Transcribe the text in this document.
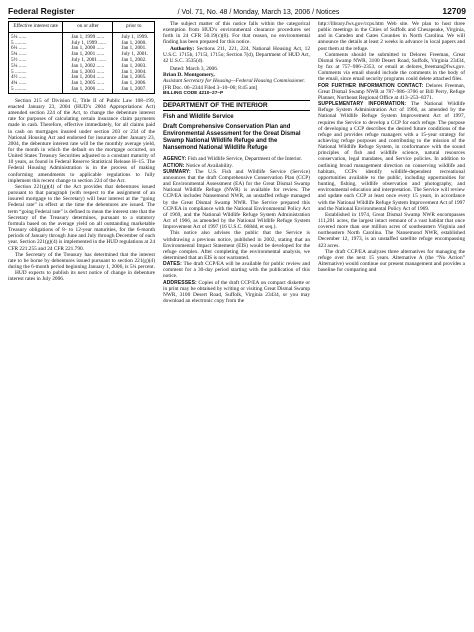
Federal Register	/ Vol. 71, No. 48 / Monday, March 13, 2006 / Notices	12709
Effective interest rate	on or after	prior to
5¼ ......	Jan 1, 1999 ......	July 1, 1999.
5 .........	July 1, 1999 ......	Jan 1, 2000.
6¼ ......	Jan 1, 2000 ......	Jan 1, 2001.
5¾ ......	Jan 1, 2001 ......	July 1, 2001.
5½ ......	July 1, 2001 ......	Jan 1, 2002.
5¼ ......	Jan 1, 2002 ......	Jan 1, 2003.
5 .........	Jan 1, 2003 ......	Jan 1, 2004.
4½ ......	Jan 1, 2004 ......	Jan 1, 2005.
4¾ ......	Jan 1, 2005 ......	Jan 1, 2006.
5 .........	Jan 1, 2006 ......	Jan 1, 2007.

Section 215 of Division G, Title II of Public Law 108–199, enacted January 23, 2004 (HUD’s 2004 Appropriations Act) amended section 224 of the Act, to change the debenture interest rate for purposes of calculating certain insurance claim payments made in cash. Therefore, effective immediately, for all claims paid in cash on mortgages insured under section 203 or 234 of the National Housing Act and endorsed for insurance after January 23, 2004, the debenture interest rate will be the monthly average yield, for the month in which the default on the mortgage occurred, on United States Treasury Securities adjusted to a constant maturity of 10 years, as found in Federal Reserve Statistical Release H–15. The Federal Housing Administration is in the process of making conforming amendments to applicable regulations to fully implement this recent change to section 224 of the Act.

Section 221(g)(4) of the Act provides that debentures issued pursuant to that paragraph (with respect to the assignment of an insured mortgage to the Secretary) will bear interest at the “going Federal rate” in effect at the time the debentures are issued. The term “going Federal rate” is defined to mean the interest rate that the Secretary of the Treasury determines, pursuant to a statutory formula based on the average yield on all outstanding marketable Treasury obligations of 8- to 12-year maturities, for the 6-month periods of January through June and July through December of each year. Section 221(g)(4) is implemented in the HUD regulations at 24 CFR 221.255 and 24 CFR 221.790.

The Secretary of the Treasury has determined that the interest rate to be borne by debentures issued pursuant to section 221(g)(4) during the 6-month period beginning January 1, 2006, is 5¼ percent.

HUD expects to publish its next notice of change in debenture interest rates in July 2006.

The subject matter of this notice falls within the categorical exemption from HUD’s environmental clearance procedures set forth in 24 CFR 50.19(c)(6). For that reason, no environmental finding has been prepared for this notice.

Authority: Sections 211, 221, 224, National Housing Act, 12 U.S.C. 1715b, 1715l, 1715o; Section 7(d), Department of HUD Act, 42 U.S.C. 3535(d).

Dated: March 3, 2006.

Brian D. Montgomery,

Assistant Secretary for Housing—Federal Housing Commissioner.

[FR Doc. 06–2344 Filed 3–10–06; 8:45 am]

BILLING CODE 4210–27–P

DEPARTMENT OF THE INTERIOR
Fish and Wildlife Service
Draft Comprehensive Conservation Plan and Environmental Assessment for the Great Dismal Swamp National Wildlife Refuge and the Nansemond National Wildlife Refuge

AGENCY: Fish and Wildlife Service, Department of the Interior.

ACTION: Notice of Availability.

SUMMARY: The U.S. Fish and Wildlife Service (Service) announces that the draft Comprehensive Conservation Plan (CCP) and Environmental Assessment (EA) for the Great Dismal Swamp National Wildlife Refuge (NWR) is available for review. The CCP/EA includes Nansemond NWR, an unstaffed refuge managed by the Great Dismal Swamp NWR. The Service prepared this CCP/EA in compliance with the National Environmental Policy Act of 1969, and the National Wildlife Refuge System Administration Act of 1966, as amended by the National Wildlife Refuge System Improvement Act of 1997 (16 U.S.C. 668dd, et seq.).

This notice also advises the public that the Service is withdrawing a previous notice, published in 2002, stating that an Environmental Impact Statement (EIS) would be developed for the refuge complex. After completing the environmental analysis, we determined that an EIS is not warranted.

DATES: The draft CCP/EA will be available for public review and comment for a 30-day period starting with the publication of this notice.

ADDRESSES: Copies of the draft CCP/EA on compact diskette or in print may be obtained by writing or visiting Great Dismal Swamp NWR, 3100 Desert Road, Suffolk, Virginia 23434, or you may download an electronic copy from the

http://library.fws.gov/ccps.htm Web site. We plan to host three public meetings in the Cities of Suffolk and Chesapeake, Virginia, and in Camden and Gates Counties in North Carolina. We will announce the details at least 2 weeks in advance in local papers and post them at the refuge.

Comments should be submitted to Delores Freeman, Great Dismal Swamp NWR, 3100 Desert Road, Suffolk, Virginia 23434, by fax at 757–986–2353, or email at delores_freeman@fws.gov. Comments via email should include the comments in the body of the email, since email security programs could delete attached files.

FOR FURTHER INFORMATION CONTACT: Delores Freeman, Great Dismal Swamp NWR at 787–986–3706 or Bill Perry, Refuge Planner, Northeast Regional Office at 413–253–8371.

SUPPLEMENTARY INFORMATION: The National Wildlife Refuge System Administration Act of 1966, as amended by the National Wildlife Refuge System Improvement Act of 1997, requires the Service to develop a CCP for each refuge. The purpose of developing a CCP describes the desired future conditions of the refuge and provides refuge managers with a 15-year strategy for achieving refuge purposes and contributing to the mission of the National Wildlife Refuge System, in conformance with the sound principles of fish and wildlife science, natural resources conservation, legal mandates, and Service policies. In addition to outlining broad management direction on conserving wildlife and habitats, CCPs identify wildlife-dependent recreational opportunities available to the public, including opportunities for hunting, fishing, wildlife observation and photography, and environmental education and interpretation. The Service will review and update each CCP at least once every 15 years, in accordance with the National Wildlife Refuge System Improvement Act of 1997 and the National Environmental Policy Act of 1969.

Established in 1974, Great Dismal Swamp NWR encompasses 111,201 acres, the largest intact remnant of a vast habitat that once covered more than one million acres of southeastern Virginia and northeastern North Carolina. The Nansemond NWR, established December 12, 1973, is an unstaffed satellite refuge encompassing 423 acres.

The draft CCP/EA analyzes three alternatives for managing the refuge over the next 15 years. Alternative A (the “No Action” Alternative) would continue our present management and provides a baseline for comparing and
